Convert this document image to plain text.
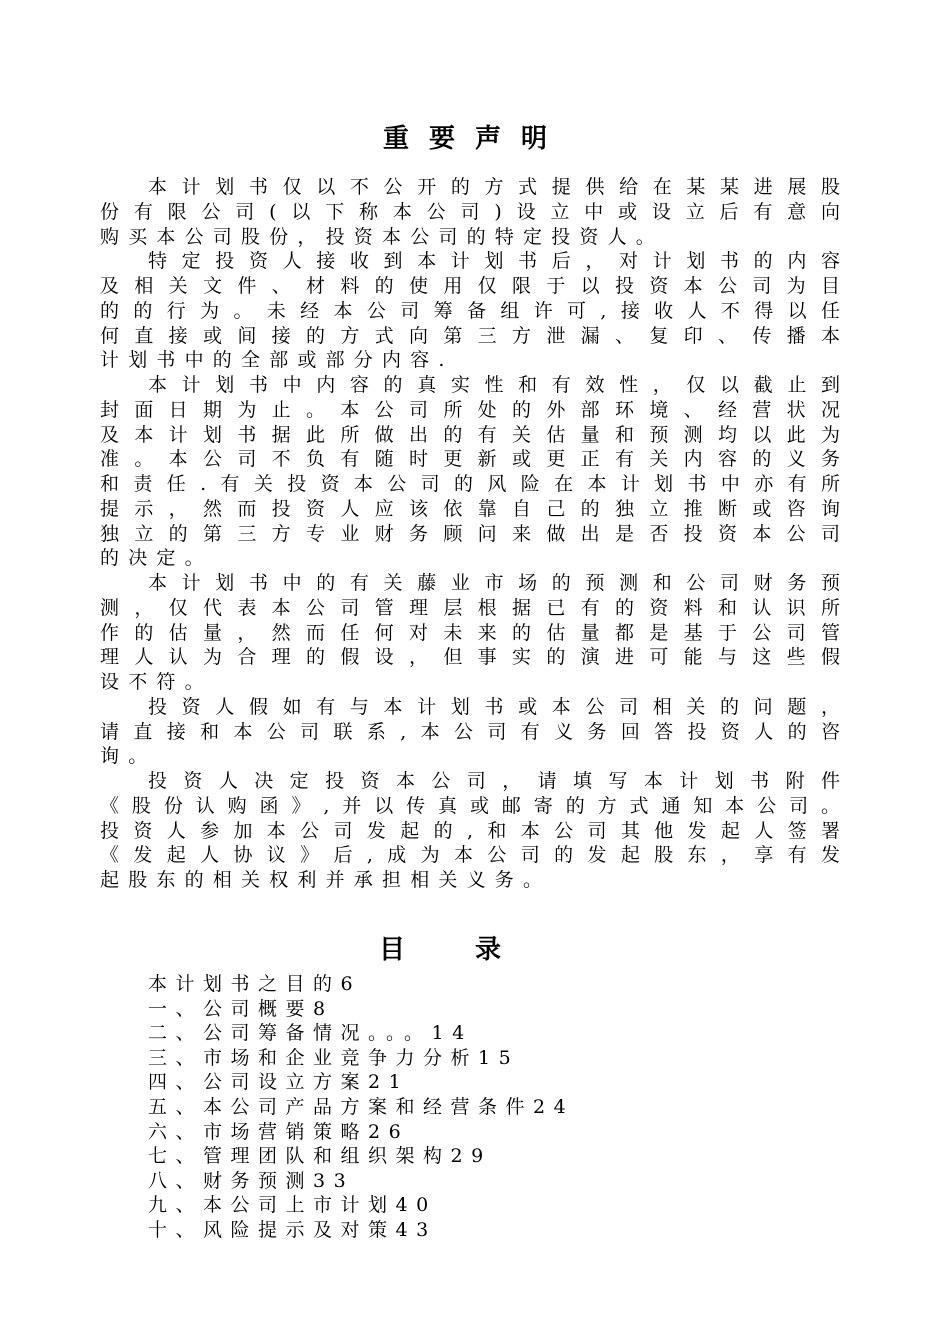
重要声明

本计划书仅以不公开的方式提供给在某某进展股

份有限公司(以下称本公司)设立中或设立后有意向

购买本公司股份，投资本公司的特定投资人。

特定投资人接收到本计划书后，对计划书的内容

及相关文件、材料的使用仅限于以投资本公司为目

的的行为。未经本公司筹备组许可,接收人不得以任

何直接或间接的方式向第三方泄漏、复印、传播本

计划书中的全部或部分内容.

本计划书中内容的真实性和有效性，仅以截止到

封面日期为止。本公司所处的外部环境、经营状况

及本计划书据此所做出的有关估量和预测均以此为

准。本公司不负有随时更新或更正有关内容的义务

和责任.有关投资本公司的风险在本计划书中亦有所

提示，然而投资人应该依靠自己的独立推断或咨询

独立的第三方专业财务顾问来做出是否投资本公司

的决定。

本计划书中的有关藤业市场的预测和公司财务预

测，仅代表本公司管理层根据已有的资料和认识所

作的估量，然而任何对未来的估量都是基于公司管

理人认为合理的假设，但事实的演进可能与这些假

设不符。

投资人假如有与本计划书或本公司相关的问题，

请直接和本公司联系,本公司有义务回答投资人的咨

询。

投资人决定投资本公司，请填写本计划书附件

《股份认购函》,并以传真或邮寄的方式通知本公司。

投资人参加本公司发起的,和本公司其他发起人签署

《发起人协议》后,成为本公司的发起股东，享有发

起股东的相关权利并承担相关义务。

目录

本计划书之目的6

一、公司概要8

二、公司筹备情况。。。14

三、市场和企业竞争力分析15

四、公司设立方案21

五、本公司产品方案和经营条件24

六、市场营销策略26

七、管理团队和组织架构29

八、财务预测33

九、本公司上市计划40

十、风险提示及对策43
